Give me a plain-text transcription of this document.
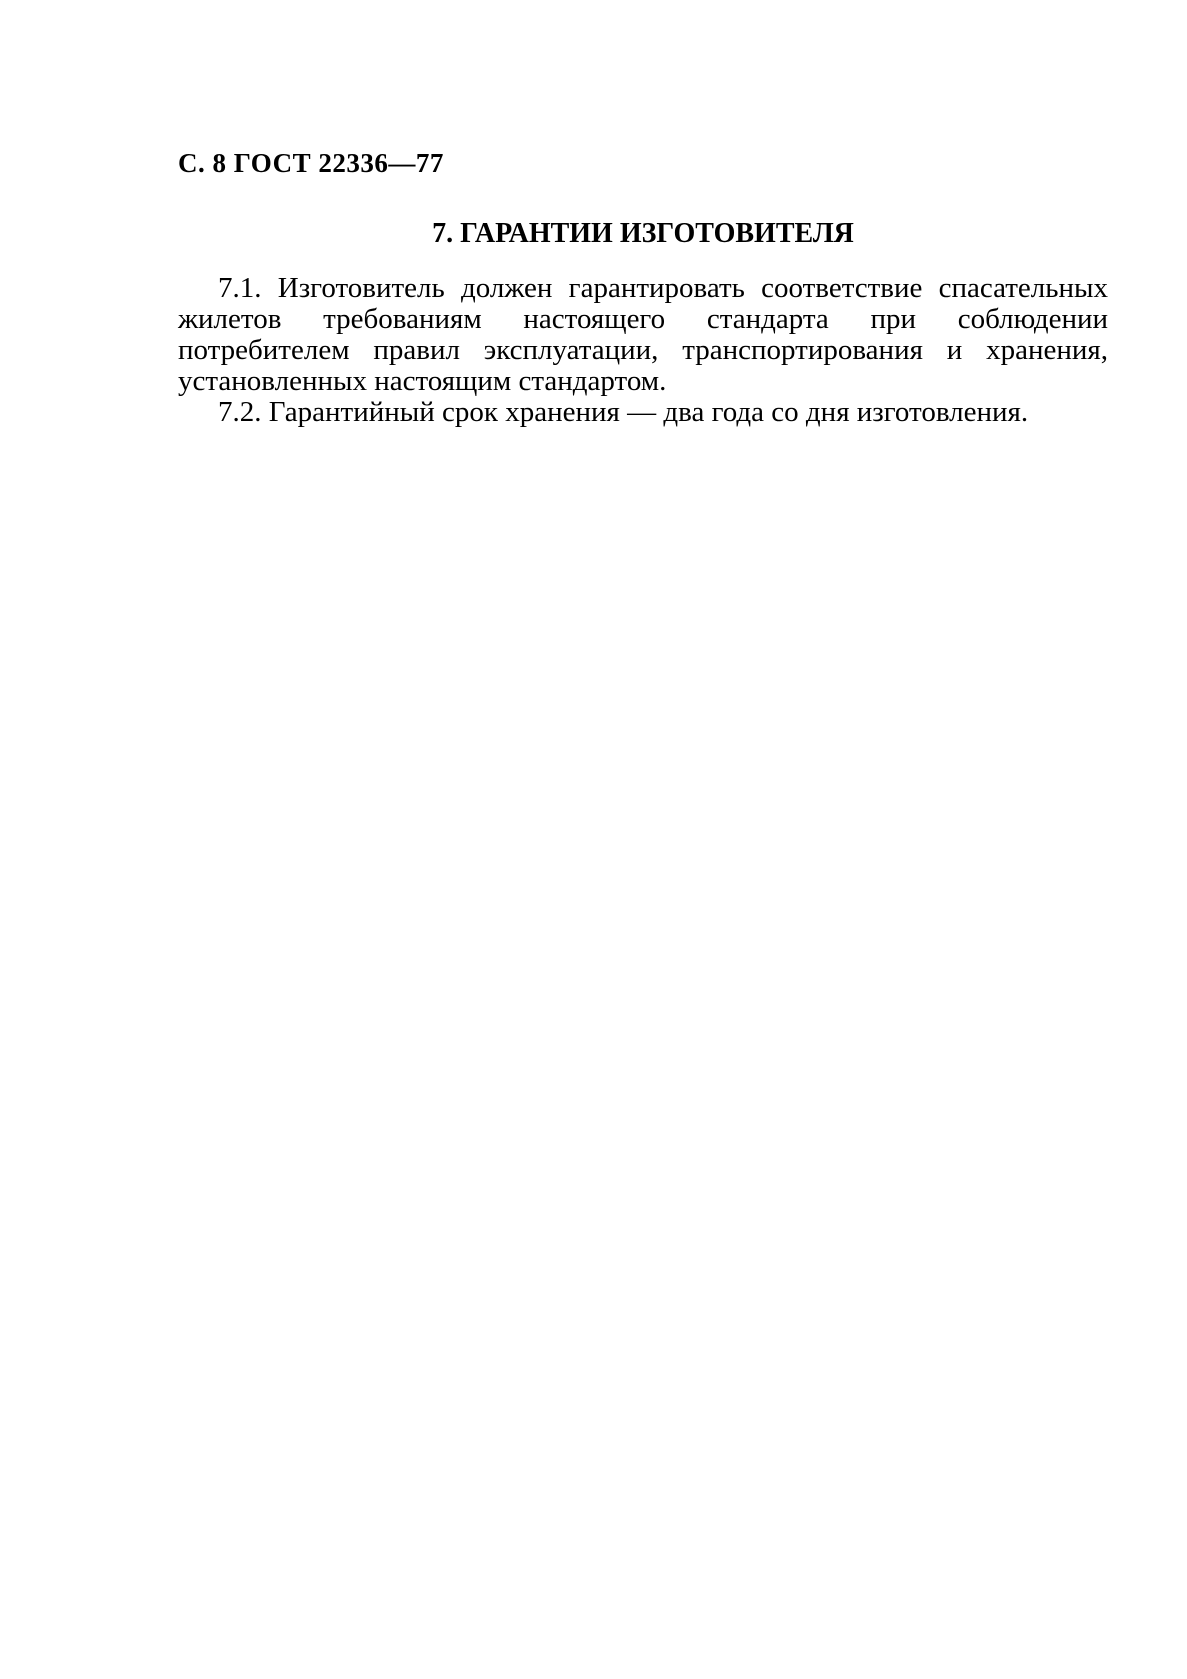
С. 8 ГОСТ 22336—77
7. ГАРАНТИИ ИЗГОТОВИТЕЛЯ

7.1. Изготовитель должен гарантировать соответствие спасательных жилетов требованиям настоящего стандарта при соблюдении потребителем правил эксплуатации, транспортирования и хранения, установленных настоящим стандартом.

7.2. Гарантийный срок хранения — два года со дня изготовления.
